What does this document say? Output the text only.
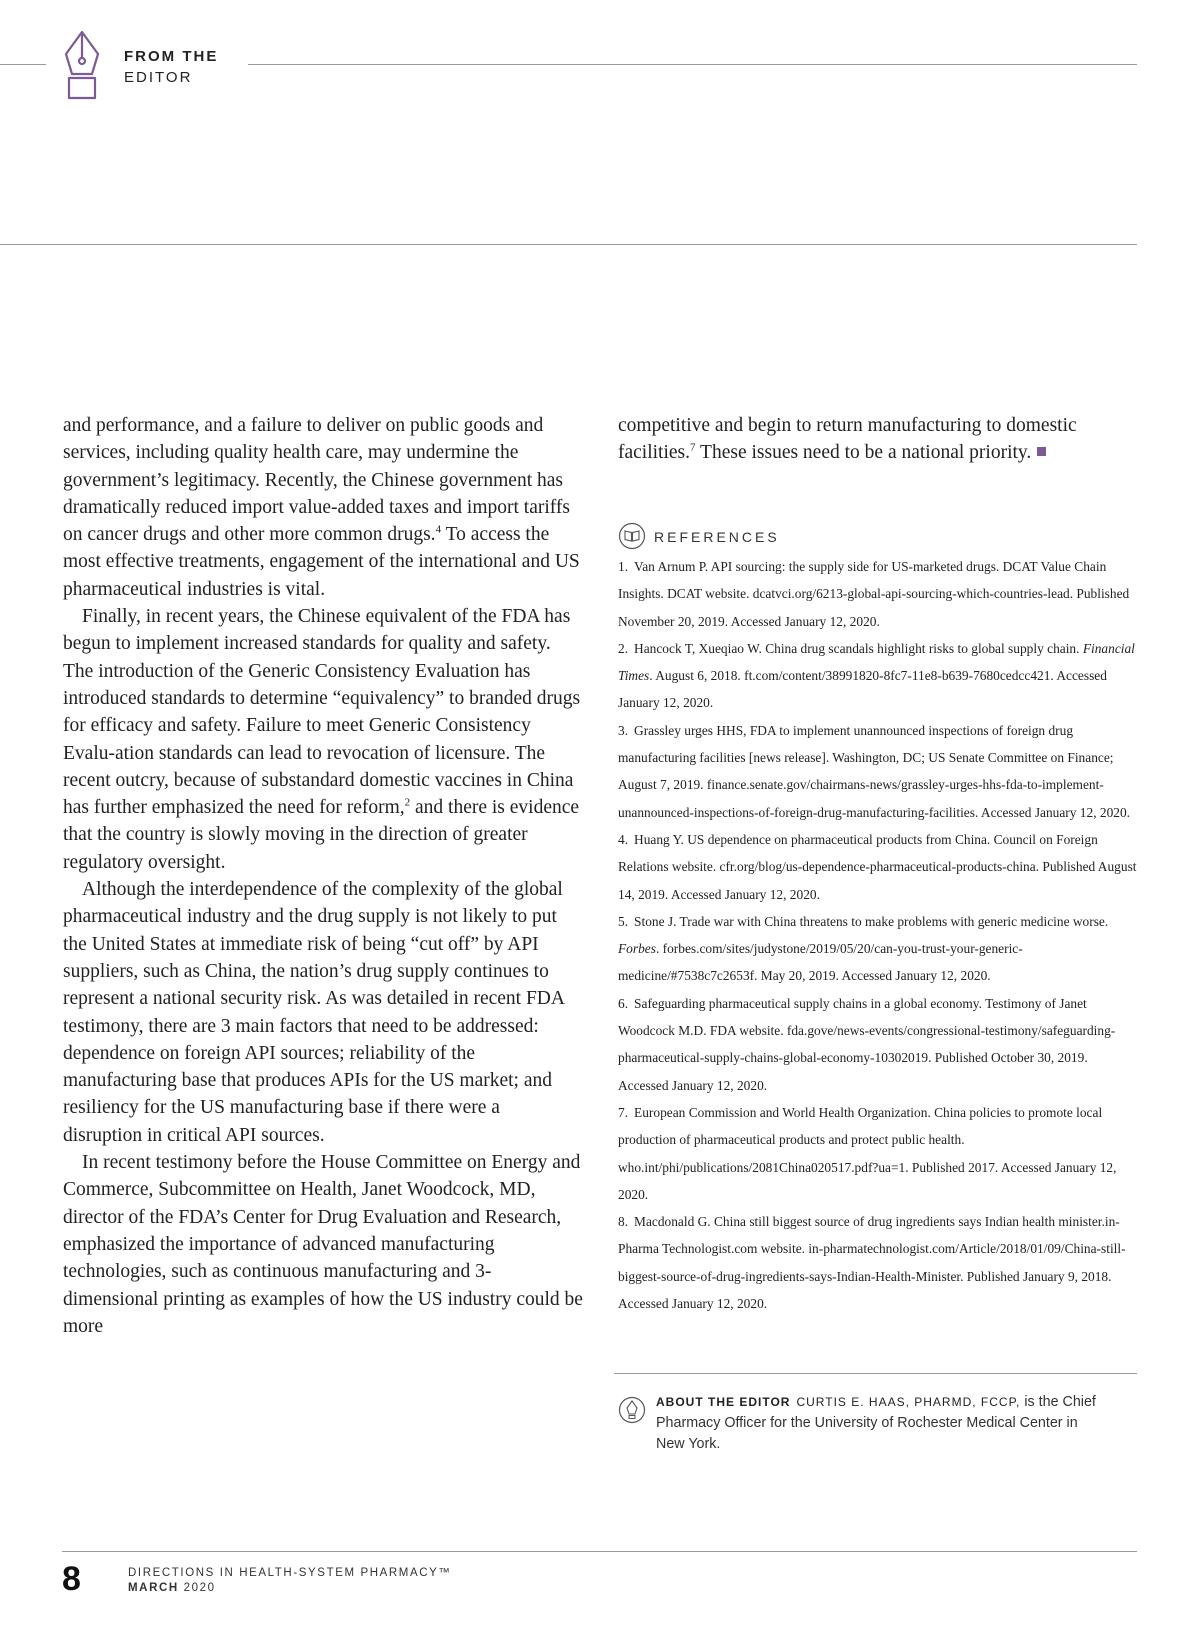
FROM THE
EDITOR

and performance, and a failure to deliver on public goods and services, including quality health care, may undermine the government’s legitimacy. Recently, the Chinese government has dramatically reduced import value-added taxes and import tariffs on cancer drugs and other more common drugs.$^4$ To access the most effective treatments, engagement of the international and US pharmaceutical industries is vital.

Finally, in recent years, the Chinese equivalent of the FDA has begun to implement increased standards for quality and safety. The introduction of the Generic Consistency Evaluation has introduced standards to determine “equivalency” to branded drugs for efficacy and safety. Failure to meet Generic Consistency Evalu-ation standards can lead to revocation of licensure. The recent outcry, because of substandard domestic vaccines in China has further emphasized the need for reform,$^2$ and there is evidence that the country is slowly moving in the direction of greater regulatory oversight.

Although the interdependence of the complexity of the global pharmaceutical industry and the drug supply is not likely to put the United States at immediate risk of being “cut off” by API suppliers, such as China, the nation’s drug supply continues to represent a national security risk. As was detailed in recent FDA testimony, there are 3 main factors that need to be addressed: dependence on foreign API sources; reliability of the manufacturing base that produces APIs for the US market; and resiliency for the US manufacturing base if there were a disruption in critical API sources.

In recent testimony before the House Committee on Energy and Commerce, Subcommittee on Health, Janet Woodcock, MD, director of the FDA’s Center for Drug Evaluation and Research, emphasized the importance of advanced manufacturing technologies, such as continuous manufacturing and 3-dimensional printing as examples of how the US industry could be more

competitive and begin to return manufacturing to domestic facilities.$^7$ These issues need to be a national priority.
REFERENCES

1. Van Arnum P. API sourcing: the supply side for US-marketed drugs. DCAT Value Chain Insights. DCAT website. dcatvci.org/6213-global-api-sourcing-which-countries-lead. Published November 20, 2019. Accessed January 12, 2020.

2. Hancock T, Xueqiao W. China drug scandals highlight risks to global supply chain. Financial Times. August 6, 2018. ft.com/content/38991820-8fc7-11e8-b639-7680cedcc421. Accessed January 12, 2020.

3. Grassley urges HHS, FDA to implement unannounced inspections of foreign drug manufacturing facilities [news release]. Washington, DC; US Senate Committee on Finance; August 7, 2019. finance.senate.gov/chairmans-news/grassley-urges-hhs-fda-to-implement-unannounced-inspections-of-foreign-drug-manufacturing-facilities. Accessed January 12, 2020.

4. Huang Y. US dependence on pharmaceutical products from China. Council on Foreign Relations website. cfr.org/blog/us-dependence-pharmaceutical-products-china. Published August 14, 2019. Accessed January 12, 2020.

5. Stone J. Trade war with China threatens to make problems with generic medicine worse. Forbes. forbes.com/sites/judystone/2019/05/20/can-you-trust-your-generic-medicine/#7538c7c2653f. May 20, 2019. Accessed January 12, 2020.

6. Safeguarding pharmaceutical supply chains in a global economy. Testimony of Janet Woodcock M.D. FDA website. fda.gove/news-events/congressional-testimony/safeguarding-pharmaceutical-supply-chains-global-economy-10302019. Published October 30, 2019. Accessed January 12, 2020.

7. European Commission and World Health Organization. China policies to promote local production of pharmaceutical products and protect public health. who.int/phi/publications/2081China020517.pdf?ua=1. Published 2017. Accessed January 12, 2020.

8. Macdonald G. China still biggest source of drug ingredients says Indian health minister.in-Pharma Technologist.com website. in-pharmatechnologist.com/Article/2018/01/09/China-still-biggest-source-of-drug-ingredients-says-Indian-Health-Minister. Published January 9, 2018. Accessed January 12, 2020.

ABOUT THE EDITOR CURTIS E. HAAS, PHARMD, FCCP, is the Chief Pharmacy Officer for the University of Rochester Medical Center in New York.
8	DIRECTIONS IN HEALTH-SYSTEM PHARMACY™
MARCH 2020
